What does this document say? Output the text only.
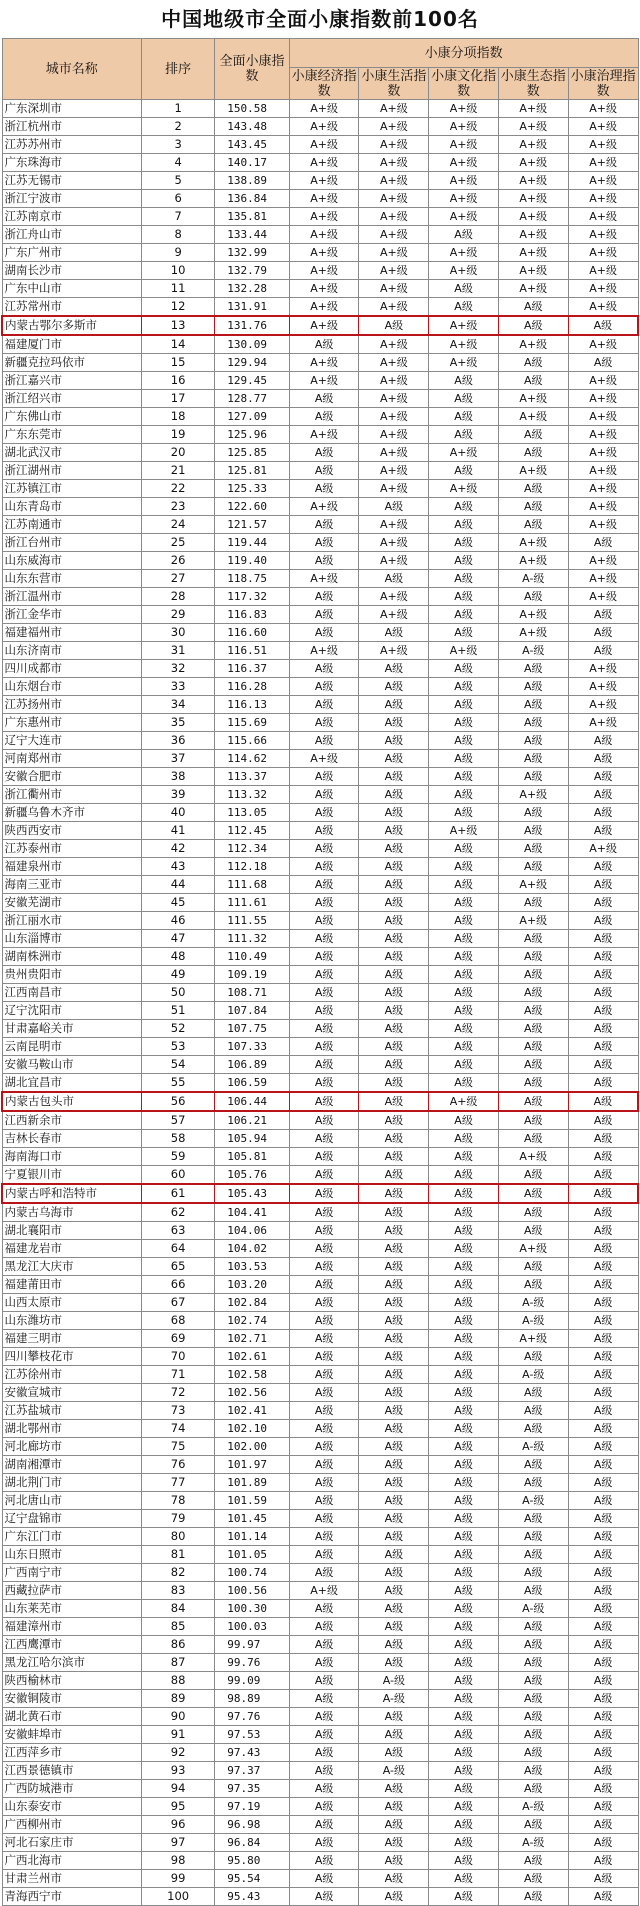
中国地级市全面小康指数前100名
城市名称	排序	全面小康指数	小康分项指数				
			小康经济指数	小康生活指数	小康文化指数	小康生态指数	小康治理指数
广东深圳市	1	150.58	A+级	A+级	A+级	A+级	A+级
浙江杭州市	2	143.48	A+级	A+级	A+级	A+级	A+级
江苏苏州市	3	143.45	A+级	A+级	A+级	A+级	A+级
广东珠海市	4	140.17	A+级	A+级	A+级	A+级	A+级
江苏无锡市	5	138.89	A+级	A+级	A+级	A+级	A+级
浙江宁波市	6	136.84	A+级	A+级	A+级	A+级	A+级
江苏南京市	7	135.81	A+级	A+级	A+级	A+级	A+级
浙江舟山市	8	133.44	A+级	A+级	A级	A+级	A+级
广东广州市	9	132.99	A+级	A+级	A+级	A+级	A+级
湖南长沙市	10	132.79	A+级	A+级	A+级	A+级	A+级
广东中山市	11	132.28	A+级	A+级	A级	A+级	A+级
江苏常州市	12	131.91	A+级	A+级	A级	A级	A+级
内蒙古鄂尔多斯市	13	131.76	A+级	A级	A+级	A级	A级
福建厦门市	14	130.09	A级	A+级	A+级	A+级	A+级
新疆克拉玛依市	15	129.94	A+级	A+级	A+级	A级	A级
浙江嘉兴市	16	129.45	A+级	A+级	A级	A级	A+级
浙江绍兴市	17	128.77	A级	A+级	A级	A+级	A+级
广东佛山市	18	127.09	A级	A+级	A级	A+级	A+级
广东东莞市	19	125.96	A+级	A+级	A级	A级	A+级
湖北武汉市	20	125.85	A级	A+级	A+级	A级	A+级
浙江湖州市	21	125.81	A级	A+级	A级	A+级	A+级
江苏镇江市	22	125.33	A级	A+级	A+级	A级	A+级
山东青岛市	23	122.60	A+级	A级	A级	A级	A+级
江苏南通市	24	121.57	A级	A+级	A级	A级	A+级
浙江台州市	25	119.44	A级	A+级	A级	A+级	A级
山东威海市	26	119.40	A级	A+级	A级	A+级	A+级
山东东营市	27	118.75	A+级	A级	A级	A-级	A+级
浙江温州市	28	117.32	A级	A+级	A级	A级	A+级
浙江金华市	29	116.83	A级	A+级	A级	A+级	A级
福建福州市	30	116.60	A级	A级	A级	A+级	A级
山东济南市	31	116.51	A+级	A+级	A+级	A-级	A级
四川成都市	32	116.37	A级	A级	A级	A级	A+级
山东烟台市	33	116.28	A级	A级	A级	A级	A+级
江苏扬州市	34	116.13	A级	A级	A级	A级	A+级
广东惠州市	35	115.69	A级	A级	A级	A级	A+级
辽宁大连市	36	115.66	A级	A级	A级	A级	A级
河南郑州市	37	114.62	A+级	A级	A级	A级	A级
安徽合肥市	38	113.37	A级	A级	A级	A级	A级
浙江衢州市	39	113.32	A级	A级	A级	A+级	A级
新疆乌鲁木齐市	40	113.05	A级	A级	A级	A级	A级
陕西西安市	41	112.45	A级	A级	A+级	A级	A级
江苏泰州市	42	112.34	A级	A级	A级	A级	A+级
福建泉州市	43	112.18	A级	A级	A级	A级	A级
海南三亚市	44	111.68	A级	A级	A级	A+级	A级
安徽芜湖市	45	111.61	A级	A级	A级	A级	A级
浙江丽水市	46	111.55	A级	A级	A级	A+级	A级
山东淄博市	47	111.32	A级	A级	A级	A级	A级
湖南株洲市	48	110.49	A级	A级	A级	A级	A级
贵州贵阳市	49	109.19	A级	A级	A级	A级	A级
江西南昌市	50	108.71	A级	A级	A级	A级	A级
辽宁沈阳市	51	107.84	A级	A级	A级	A级	A级
甘肃嘉峪关市	52	107.75	A级	A级	A级	A级	A级
云南昆明市	53	107.33	A级	A级	A级	A级	A级
安徽马鞍山市	54	106.89	A级	A级	A级	A级	A级
湖北宜昌市	55	106.59	A级	A级	A级	A级	A级
内蒙古包头市	56	106.44	A级	A级	A+级	A级	A级
江西新余市	57	106.21	A级	A级	A级	A级	A级
吉林长春市	58	105.94	A级	A级	A级	A级	A级
海南海口市	59	105.81	A级	A级	A级	A+级	A级
宁夏银川市	60	105.76	A级	A级	A级	A级	A级
内蒙古呼和浩特市	61	105.43	A级	A级	A级	A级	A级
内蒙古乌海市	62	104.41	A级	A级	A级	A级	A级
湖北襄阳市	63	104.06	A级	A级	A级	A级	A级
福建龙岩市	64	104.02	A级	A级	A级	A+级	A级
黑龙江大庆市	65	103.53	A级	A级	A级	A级	A级
福建莆田市	66	103.20	A级	A级	A级	A级	A级
山西太原市	67	102.84	A级	A级	A级	A-级	A级
山东潍坊市	68	102.74	A级	A级	A级	A-级	A级
福建三明市	69	102.71	A级	A级	A级	A+级	A级
四川攀枝花市	70	102.61	A级	A级	A级	A级	A级
江苏徐州市	71	102.58	A级	A级	A级	A-级	A级
安徽宣城市	72	102.56	A级	A级	A级	A级	A级
江苏盐城市	73	102.41	A级	A级	A级	A级	A级
湖北鄂州市	74	102.10	A级	A级	A级	A级	A级
河北廊坊市	75	102.00	A级	A级	A级	A-级	A级
湖南湘潭市	76	101.97	A级	A级	A级	A级	A级
湖北荆门市	77	101.89	A级	A级	A级	A级	A级
河北唐山市	78	101.59	A级	A级	A级	A-级	A级
辽宁盘锦市	79	101.45	A级	A级	A级	A级	A级
广东江门市	80	101.14	A级	A级	A级	A级	A级
山东日照市	81	101.05	A级	A级	A级	A级	A级
广西南宁市	82	100.74	A级	A级	A级	A级	A级
西藏拉萨市	83	100.56	A+级	A级	A级	A级	A级
山东莱芜市	84	100.30	A级	A级	A级	A-级	A级
福建漳州市	85	100.03	A级	A级	A级	A级	A级
江西鹰潭市	86	99.97	A级	A级	A级	A级	A级
黑龙江哈尔滨市	87	99.76	A级	A级	A级	A级	A级
陕西榆林市	88	99.09	A级	A-级	A级	A级	A级
安徽铜陵市	89	98.89	A级	A-级	A级	A级	A级
湖北黄石市	90	97.76	A级	A级	A级	A级	A级
安徽蚌埠市	91	97.53	A级	A级	A级	A级	A级
江西萍乡市	92	97.43	A级	A级	A级	A级	A级
江西景德镇市	93	97.37	A级	A-级	A级	A级	A级
广西防城港市	94	97.35	A级	A级	A级	A级	A级
山东泰安市	95	97.19	A级	A级	A级	A-级	A级
广西柳州市	96	96.98	A级	A级	A级	A级	A级
河北石家庄市	97	96.84	A级	A级	A级	A-级	A级
广西北海市	98	95.80	A级	A级	A级	A级	A级
甘肃兰州市	99	95.54	A级	A级	A级	A级	A级
青海西宁市	100	95.43	A级	A级	A级	A级	A级
